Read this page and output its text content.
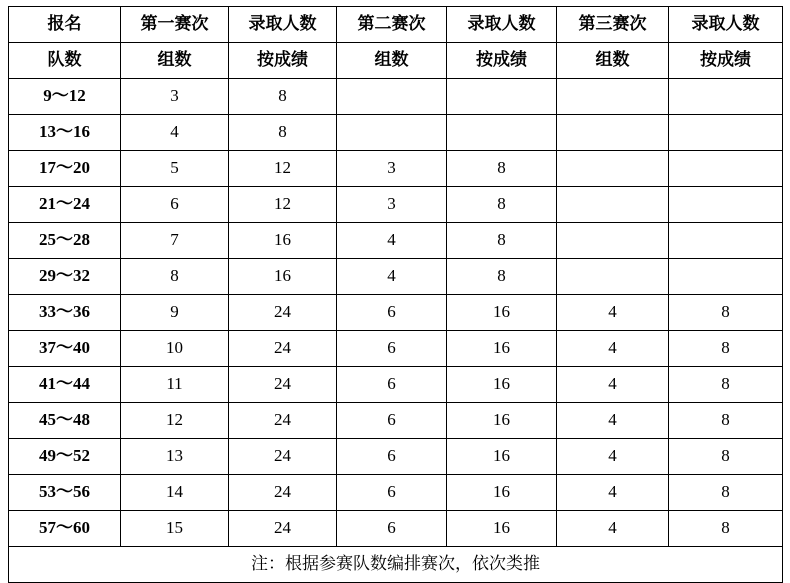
报名	第一赛次	录取人数	第二赛次	录取人数	第三赛次	录取人数
队数	组数	按成绩	组数	按成绩	组数	按成绩
9～12	3	8				
13～16	4	8				
17～20	5	12	3	8		
21～24	6	12	3	8		
25～28	7	16	4	8		
29～32	8	16	4	8		
33～36	9	24	6	16	4	8
37～40	10	24	6	16	4	8
41～44	11	24	6	16	4	8
45～48	12	24	6	16	4	8
49～52	13	24	6	16	4	8
53～56	14	24	6	16	4	8
57～60	15	24	6	16	4	8
注：根据参赛队数编排赛次，依次类推						
